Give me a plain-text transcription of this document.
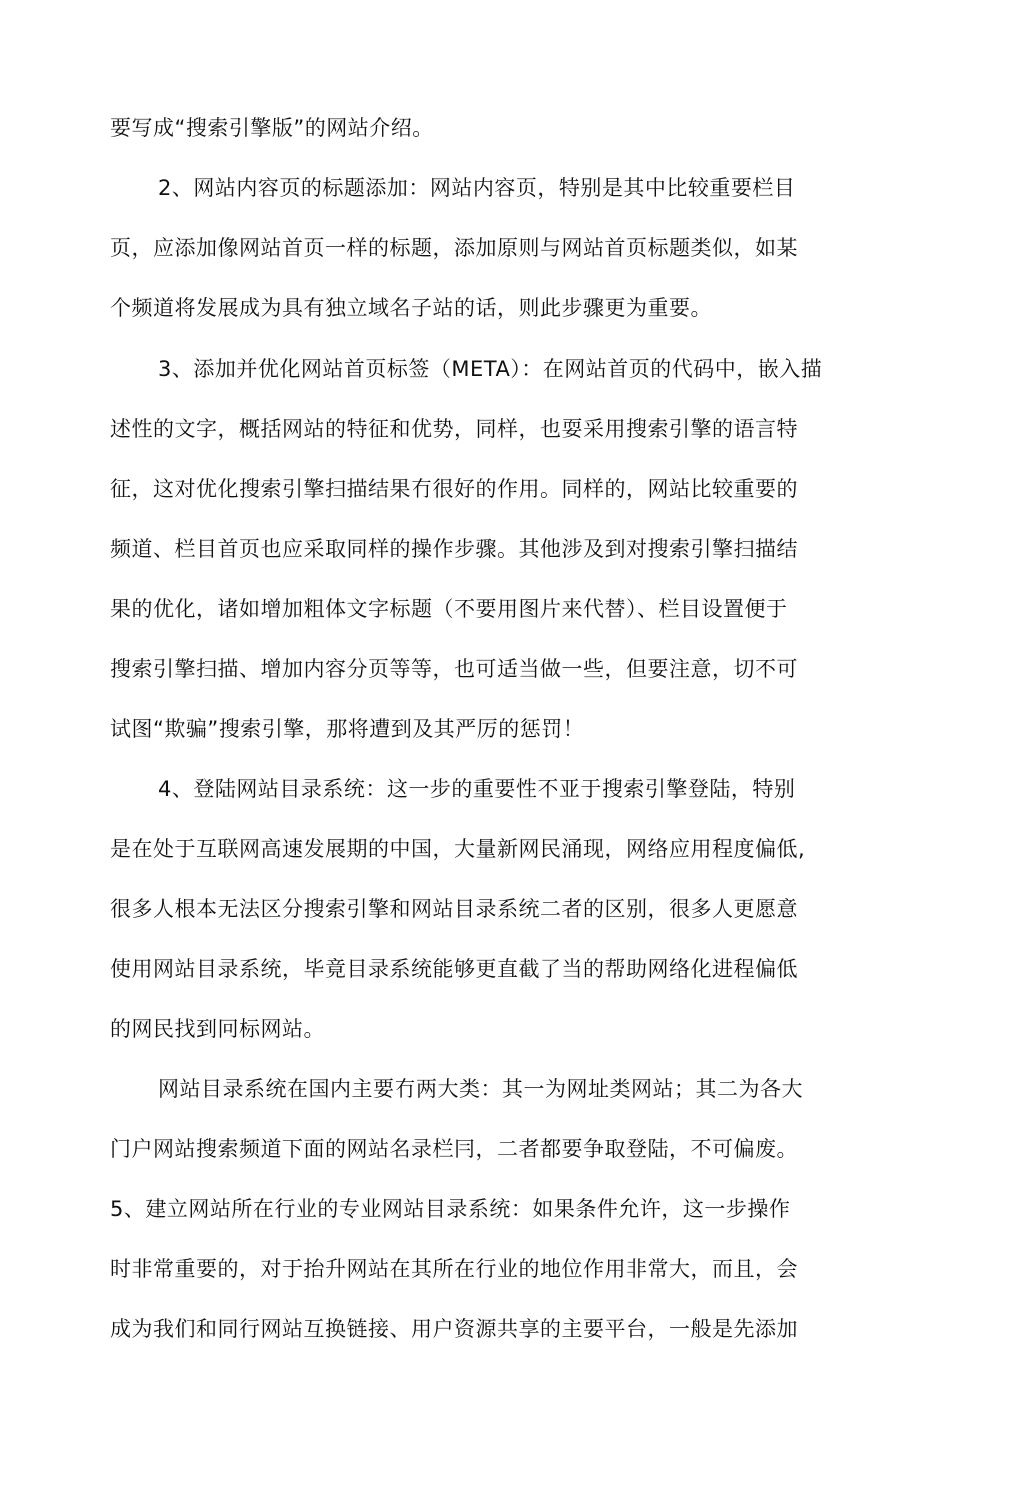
要写成“搜索引擎版”的网站介绍。
2、网站内容页的标题添加：网站内容页，特别是其中比较重要栏目
页，应添加像网站首页一样的标题，添加原则与网站首页标题类似，如某
个频道将发展成为具有独立域名子站的话，则此步骤更为重要。
3、添加并优化网站首页标签（META）：在网站首页的代码中，嵌入描
述性的文字，概括网站的特征和优势，同样，也耍采用搜索引擎的语言特
征，这对优化搜索引擎扫描结果冇很好的作用。同样的，网站比较重要的
频道、栏目首页也应采取同样的操作步骤。其他涉及到对搜索引擎扫描结
果的优化，诸如增加粗体文字标题（不要用图片来代替）、栏目设置便于
搜索引擎扫描、增加内容分页等等，也可适当做一些，但要注意，切不可
试图“欺骗”搜索引擎，那将遭到及其严厉的惩罚！
4、登陆网站目录系统：这一步的重要性不亚于搜索引擎登陆，特别
是在处于互联网高速发展期的中国，大量新网民涌现，网络应用程度偏低,
很多人根本无法区分搜索引擎和网站目录系统二者的区别，很多人更愿意
使用网站目录系统，毕竟目录系统能够更直截了当的帮助网络化进程偏低
的网民找到冋标网站。
网站目录系统在国内主要冇两大类：其一为网址类网站；其二为各大
门户网站搜索频道下面的网站名录栏冃，二者都要争取登陆，不可偏废。
5、建立网站所在行业的专业网站目录系统：如果条件允许，这一步操作
时非常重要的，对于抬升网站在其所在行业的地位作用非常大，而且，会
成为我们和同行网站互换链接、用户资源共享的主要平台，一般是先添加
